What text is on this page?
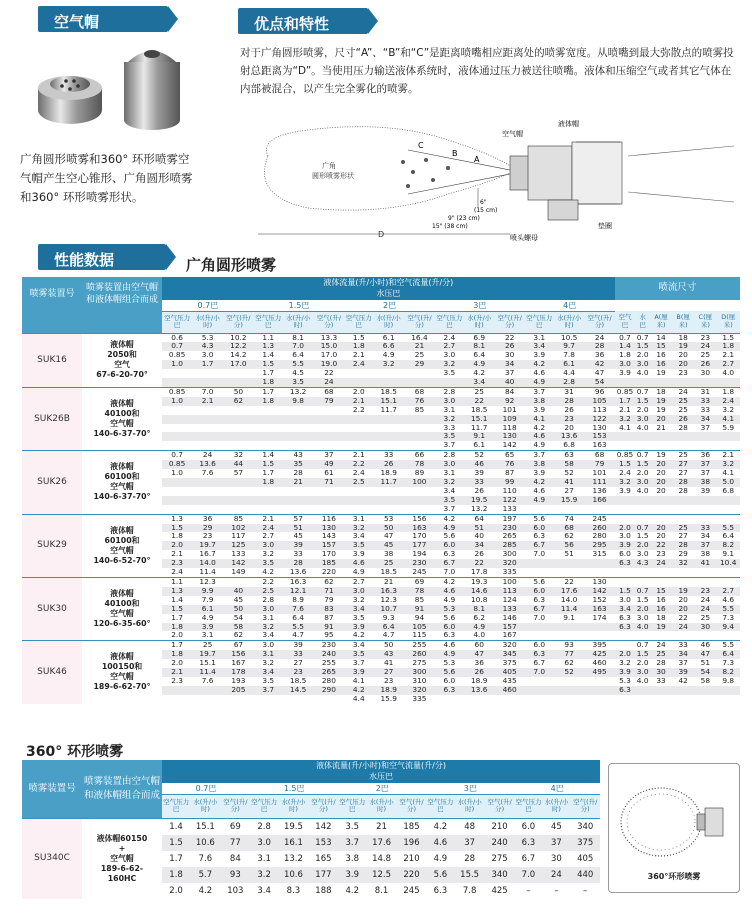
空气帽	优点和特性
性能数据
对于广角圆形喷雾，尺寸“A”、“B”和“C”是距离喷嘴相应距离处的喷雾宽度。从喷嘴到最大弥散点的喷雾投射总距离为“D”。当使用压力输送液体系统时，液体通过压力被送往喷嘴。液体和压缩空气或者其它气体在内部被混合，以产生完全雾化的喷雾。
广角圆形喷雾和360° 环形喷雾空气帽产生空心锥形、广角圆形喷雾和360° 环形喷雾形状。
广角
圆形喷雾形状
C
B
A
空气帽
液体帽
垫圈
喷头螺母
6"
(15 cm)
9" (23 cm)
15" (38 cm)
D
广角圆形喷雾
喷雾装置号	喷雾装置由空气帽和液体帽组合而成	液体流量(升/小时)和空气流量(升/分)															喷流尺寸					
		水压巴																				
		0.7巴			1.5巴			2巴			3巴			4巴								
		空气压力巴	水(升/小时)	空气(升/分)	空气压力巴	水(升/小时)	空气(升/分)	空气压力巴	水(升/小时)	空气(升/分)	空气压力巴	水(升/小时)	空气(升/分)	空气压力巴	水(升/小时)	空气(升/分)	空气巴	水巴	A(厘米)	B(厘米)	C(厘米)	D(厘米)
SUK16	液体帽
2050和
空气
67-6-20-70°	0.6	5.3	10.2	1.1	8.1	13.3	1.5	6.1	16.4	2.4	6.9	22	3.1	10.5	24	0.7	0.7	14	18	23	1.5
		0.7	4.3	12.2	1.3	7.0	15.0	1.8	6.6	21	2.7	8.1	26	3.4	9.7	28	1.4	1.5	15	19	24	1.8
		0.85	3.0	14.2	1.4	6.4	17.0	2.1	4.9	25	3.0	6.4	30	3.9	7.8	36	1.8	2.0	16	20	25	2.1
		1.0	1.7	17.0	1.5	5.5	19.0	2.4	3.2	29	3.2	4.9	34	4.2	6.1	42	3.0	3.0	16	20	26	2.7
					1.7	4.5	22				3.5	4.2	37	4.6	4.4	47	3.9	4.0	19	23	30	4.0
					1.8	3.5	24					3.4	40	4.9	2.8	54						
SUK26B	液体帽
40100和
空气帽
140-6-37-70°	0.85	7.0	50	1.7	13.2	68	2.0	18.5	68	2.8	25	84	3.7	31	96	0.85	0.7	18	24	31	1.8
		1.0	2.1	62	1.8	9.8	79	2.1	15.1	76	3.0	22	92	3.8	28	105	1.7	1.5	19	25	33	2.4
								2.2	11.7	85	3.1	18.5	101	3.9	26	113	2.1	2.0	19	25	33	3.2
											3.2	15.1	109	4.1	23	122	3.2	3.0	20	26	34	4.1
											3.3	11.7	118	4.2	20	130	4.1	4.0	21	28	37	5.9
											3.5	9.1	130	4.6	13.6	153						
											3.7	6.1	142	4.9	6.8	163						
SUK26	液体帽
60100和
空气帽
140-6-37-70°	0.7	24	32	1.4	43	37	2.1	33	66	2.8	52	65	3.7	63	68	0.85	0.7	19	25	36	2.1
		0.85	13.6	44	1.5	35	49	2.2	26	78	3.0	46	76	3.8	58	79	1.5	1.5	20	27	37	3.2
		1.0	7.6	57	1.7	28	61	2.4	18.9	89	3.1	39	87	3.9	52	101	2.4	2.0	20	27	37	4.1
					1.8	21	71	2.5	11.7	100	3.2	33	99	4.2	41	111	3.2	3.0	20	28	38	5.0
											3.4	26	110	4.6	27	136	3.9	4.0	20	28	39	6.8
											3.5	19.5	122	4.9	15.9	166						
											3.7	13.2	133									
SUK29	液体帽
60100和
空气帽
140-6-52-70°	1.3	36	85	2.1	57	116	3.1	53	156	4.2	64	197	5.6	74	245						
		1.5	29	102	2.4	51	130	3.2	50	163	4.9	51	230	6.0	68	260	2.0	0.7	20	25	33	5.5
		1.8	23	117	2.7	45	143	3.4	47	170	5.6	40	265	6.3	62	280	3.0	1.5	20	27	34	6.4
		2.0	19.7	125	3.0	39	157	3.5	45	177	6.0	34	285	6.7	56	295	3.9	2.0	22	28	37	8.2
		2.1	16.7	133	3.2	33	170	3.9	38	194	6.3	26	300	7.0	51	315	6.0	3.0	23	29	38	9.1
		2.3	14.0	142	3.5	28	185	4.6	25	230	6.7	22	320				6.3	4.3	24	32	41	10.4
		2.4	11.4	149	4.2	13.6	220	4.9	18.5	245	7.0	17.8	335									
SUK30	液体帽
40100和
空气帽
120-6-35-60°	1.1	12.3		2.2	16.3	62	2.7	21	69	4.2	19.3	100	5.6	22	130						
		1.3	9.9	40	2.5	12.1	71	3.0	16.3	78	4.6	14.6	113	6.0	17.6	142	1.5	0.7	15	19	23	2.7
		1.4	7.9	45	2.8	8.9	79	3.2	12.3	85	4.9	10.8	124	6.3	14.0	152	3.0	1.5	16	20	24	4.6
		1.5	6.1	50	3.0	7.6	83	3.4	10.7	91	5.3	8.1	133	6.7	11.4	163	3.4	2.0	16	20	24	5.5
		1.7	4.9	54	3.1	6.4	87	3.5	9.3	94	5.6	6.2	146	7.0	9.1	174	6.3	3.0	18	22	25	7.3
		1.8	3.9	58	3.2	5.5	91	3.9	6.4	105	6.0	4.9	157				6.3	4.0	19	24	30	9.4
		2.0	3.1	62	3.4	4.7	95	4.2	4.7	115	6.3	4.0	167									
SUK46	液体帽
100150和
空气帽
189-6-62-70°	1.7	25	67	3.0	39	230	3.4	50	255	4.6	60	320	6.0	93	395		0.7	24	33	46	5.5
		1.8	19.7	156	3.1	33	240	3.5	43	260	4.9	47	345	6.3	77	425	2.0	1.5	25	34	47	6.4
		2.0	15.1	167	3.2	27	255	3.7	41	275	5.3	36	375	6.7	62	460	3.2	2.0	28	37	51	7.3
		2.1	11.4	178	3.4	23	265	3.9	27	300	5.6	26	405	7.0	52	495	3.9	3.0	30	39	54	8.2
		2.3	7.6	193	3.5	18.5	280	4.1	23	310	6.0	18.9	435				5.3	4.0	33	42	58	9.8
				205	3.7	14.5	290	4.2	18.9	320	6.3	13.6	460				6.3					
								4.4	15.9	335												
360° 环形喷雾
喷雾装置号	喷雾装置由空气帽和液体帽组合而成	液体流量(升/小时)和空气流量(升/分)														
		水压巴														
		0.7巴			1.5巴			2巴			3巴			4巴		
		空气压力巴	水(升/小时)	空气(升/分)	空气压力巴	水(升/小时)	空气(升/分)	空气压力巴	水(升/小时)	空气(升/分)	空气压力巴	水(升/小时)	空气(升/分)	空气压力巴	水(升/小时)	空气(升/分)
SU340C	液体帽60150
+
空气帽
189-6-62-
160HC	1.4	15.1	69	2.8	19.5	142	3.5	21	185	4.2	48	210	6.0	45	340
		1.5	10.6	77	3.0	16.1	153	3.7	17.6	196	4.6	37	240	6.3	37	375
		1.7	7.6	84	3.1	13.2	165	3.8	14.8	210	4.9	28	275	6.7	30	405
		1.8	5.7	93	3.2	10.6	177	3.9	12.5	220	5.6	15.5	340	7.0	24	440
		2.0	4.2	103	3.4	8.3	188	4.2	8.1	245	6.3	7.8	425	–	–	–
360°环形喷雾
